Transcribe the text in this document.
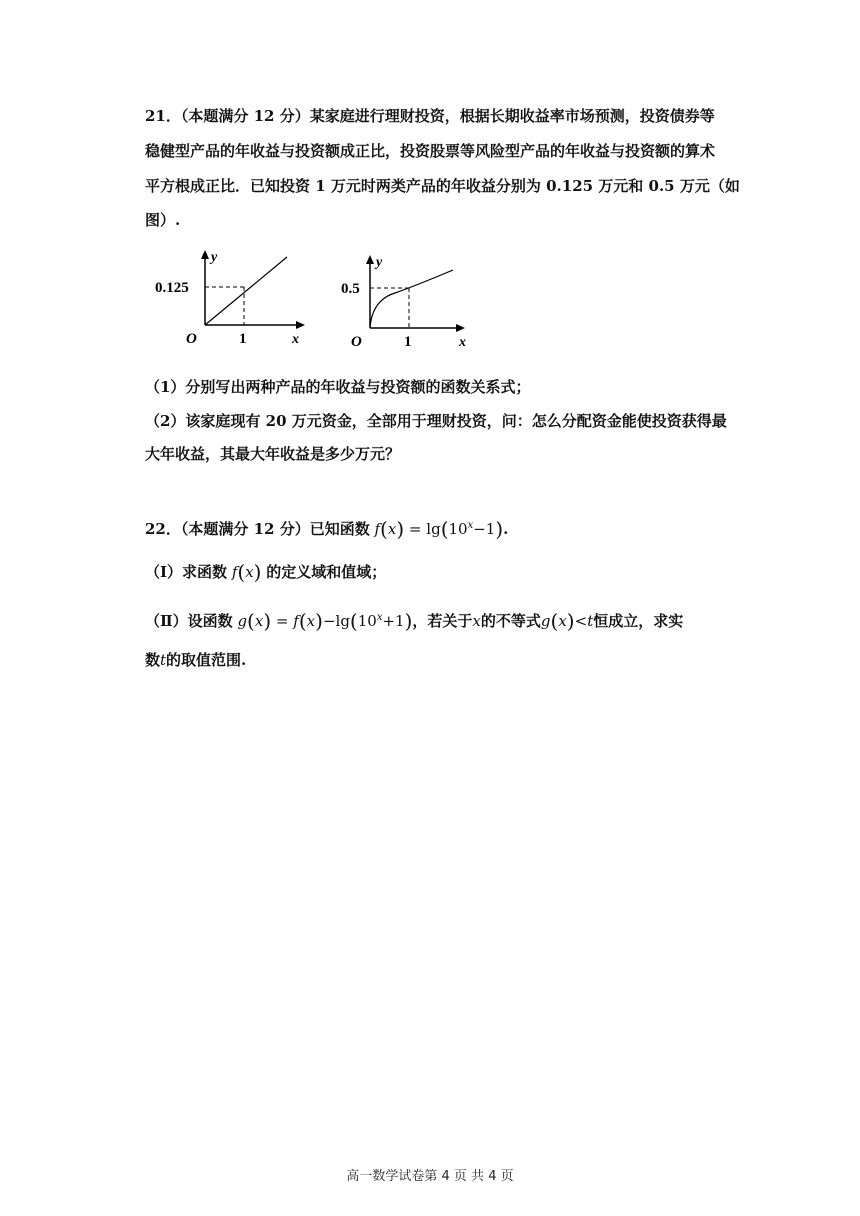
21．（本题满分 12 分）某家庭进行理财投资，根据长期收益率市场预测，投资债券等
稳健型产品的年收益与投资额成正比，投资股票等风险型产品的年收益与投资额的算术
平方根成正比．已知投资 1 万元时两类产品的年收益分别为 0.125 万元和 0.5 万元（如
图）.
y
x
O	1
0.125
y
x
O	1
0.5
（1）分别写出两种产品的年收益与投资额的函数关系式；
（2）该家庭现有 20 万元资金，全部用于理财投资，问：怎么分配资金能使投资获得最
大年收益，其最大年收益是多少万元？
22．（本题满分 12 分）已知函数 $f(x) = \lg(10^x-1)$.
（Ⅰ）求函数 f(x) 的定义域和值域；
（Ⅱ）设函数 $g(x) = f(x)-\lg(10^x+1)$，若关于x的不等式g(x)<t恒成立，求实
数t的取值范围.
高一数学试卷第 4 页 共 4 页
